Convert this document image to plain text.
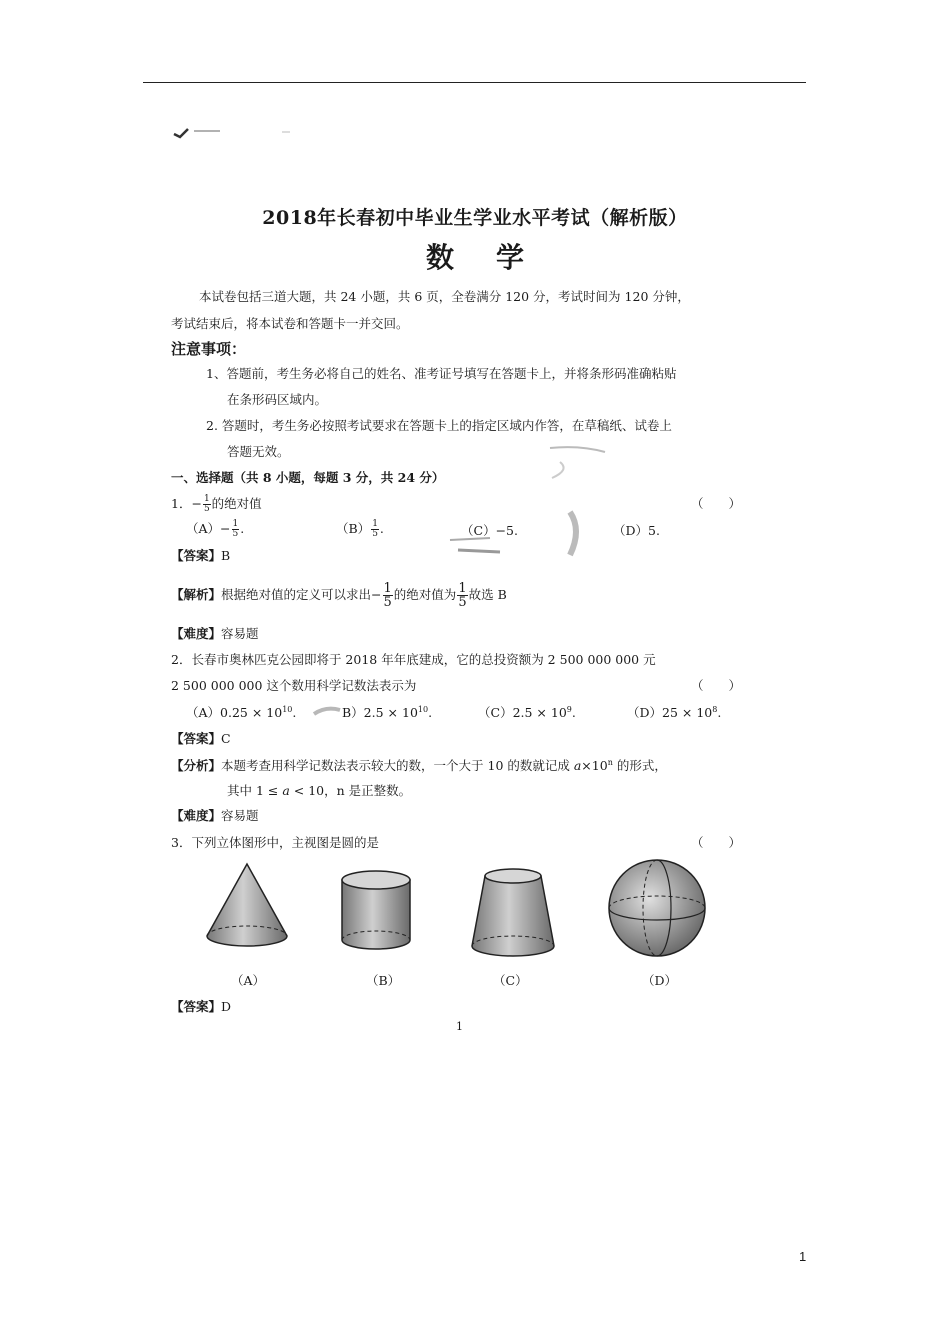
2018年长春初中毕业生学业水平考试（解析版）
数学
本试卷包括三道大题，共 24 小题，共 6 页，全卷满分 120 分，考试时间为 120 分钟，
考试结束后，将本试卷和答题卡一并交回。
注意事项：
1、答题前，考生务必将自己的姓名、准考证号填写在答题卡上，并将条形码准确粘贴
在条形码区域内。
2. 答题时，考生务必按照考试要求在答题卡上的指定区域内作答，在草稿纸、试卷上
答题无效。
一、选择题（共 8 小题，每题 3 分，共 24 分）
1．− $\frac{1}{5}$ 的绝对值	（　　）
$(A)- \frac{1}{5}$ .	$(B) \frac{1}{5}$ .	（C）−5.	（D）5.
【答案】B
【解析】根据绝对值的定义可以求出− $\frac{1}{5}$ 的绝对值为 $\frac{1}{5}$ 故选 B
【难度】容易题
2．长春市奥林匹克公园即将于 2018 年年底建成，它的总投资额为 2 500 000 000 元
2 500 000 000 这个数用科学记数法表示为	（　　）
$(A)0.25 \times 10^{10}$.	$B)2.5 \times 10^{10}$.	$(C)2.5 \times 10^9$.	$(D)25 \times 10^8$.
【答案】C
【分析】本题考查用科学记数法表示较大的数，一个大于 10 的数就记成 $a\times 10^n$ 的形式，
其中 1 ≤ a < 10，n 是正整数。
【难度】容易题
3．下列立体图形中，主视图是圆的是	（　　）
（A）	（B）	（C）	（D）
【答案】D
1
1
